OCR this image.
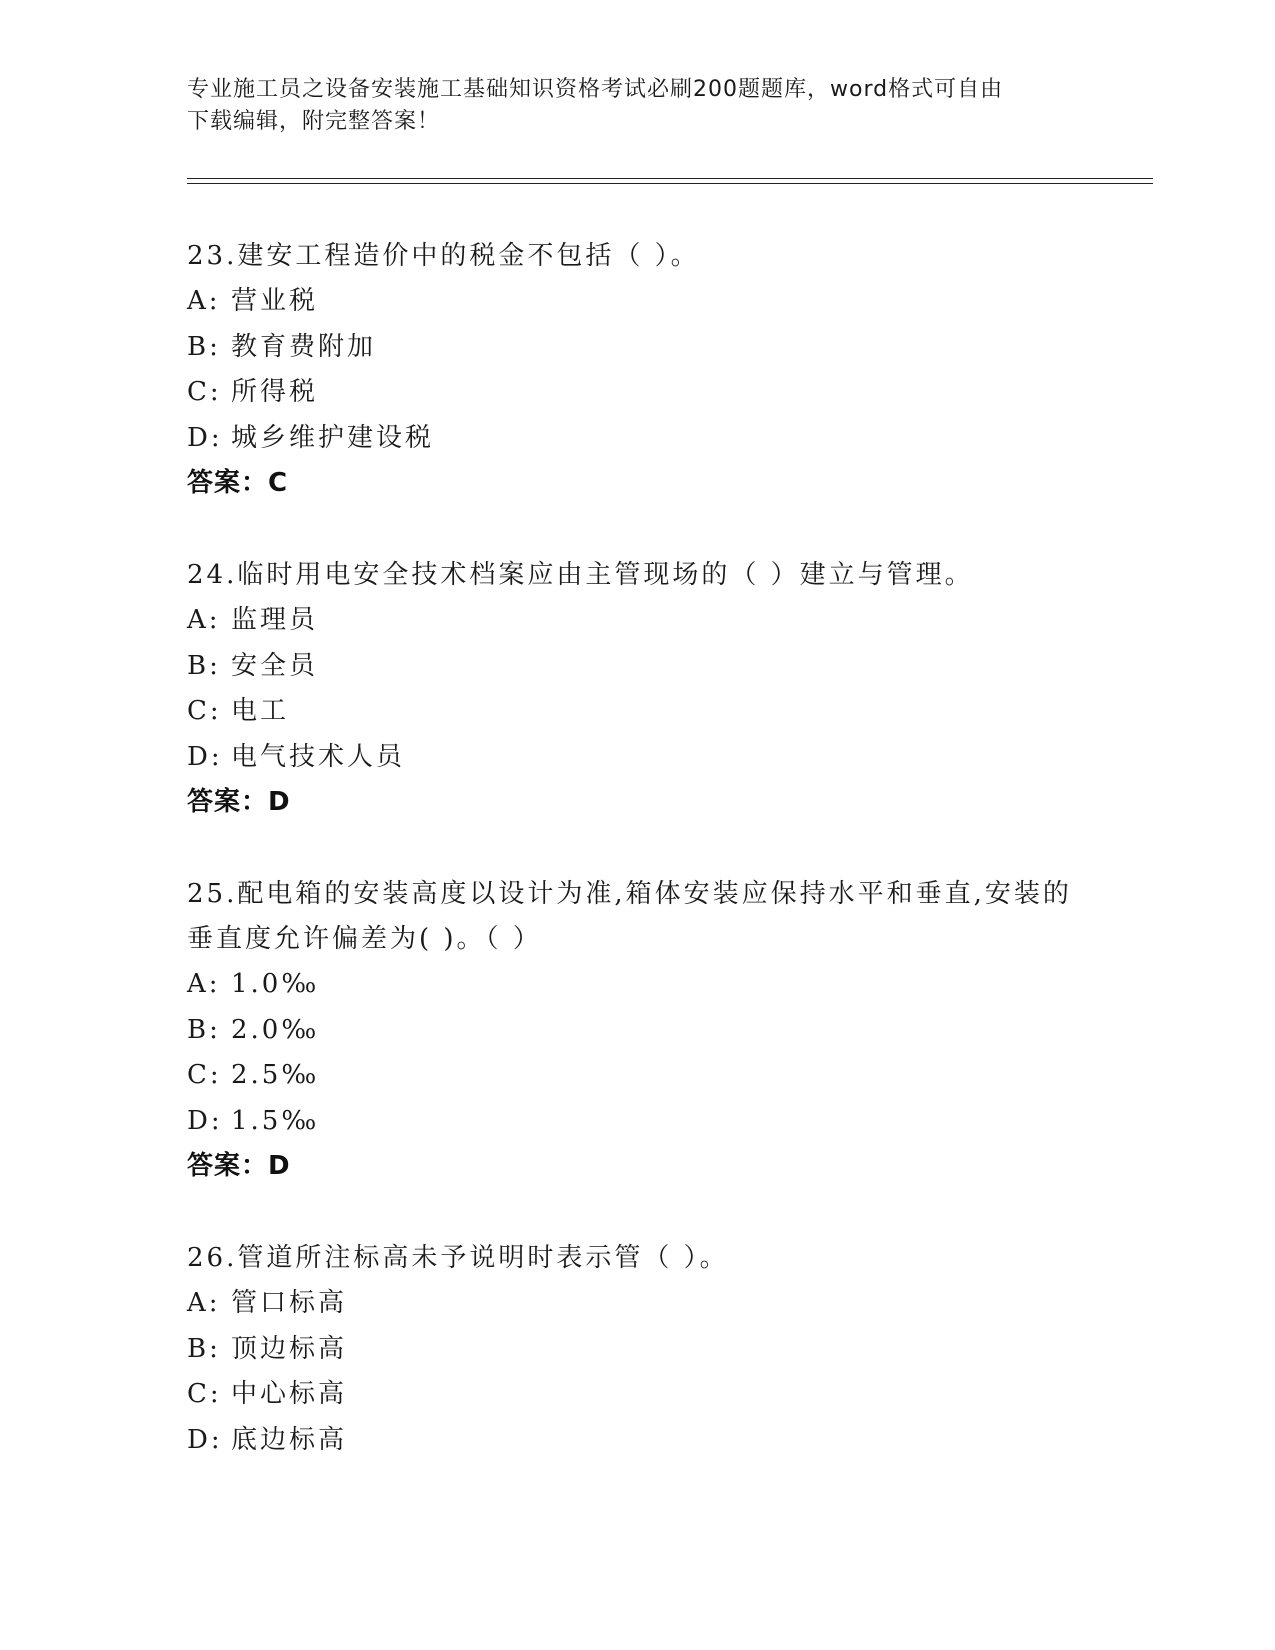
专业施工员之设备安装施工基础知识资格考试必刷200题题库，word格式可自由
下载编辑，附完整答案！

23.建安工程造价中的税金不包括（ ）。

A: 营业税
B: 教育费附加
C: 所得税
D: 城乡维护建设税
答案：C

24.临时用电安全技术档案应由主管现场的（ ）建立与管理。

A: 监理员
B: 安全员
C: 电工
D: 电气技术人员
答案：D

25.配电箱的安装高度以设计为准,箱体安装应保持水平和垂直,安装的垂直度允许偏差为( )。（ ）

A: 1.0‰
B: 2.0‰
C: 2.5‰
D: 1.5‰
答案：D

26.管道所注标高未予说明时表示管（ ）。

A: 管口标高
B: 顶边标高
C: 中心标高
D: 底边标高
